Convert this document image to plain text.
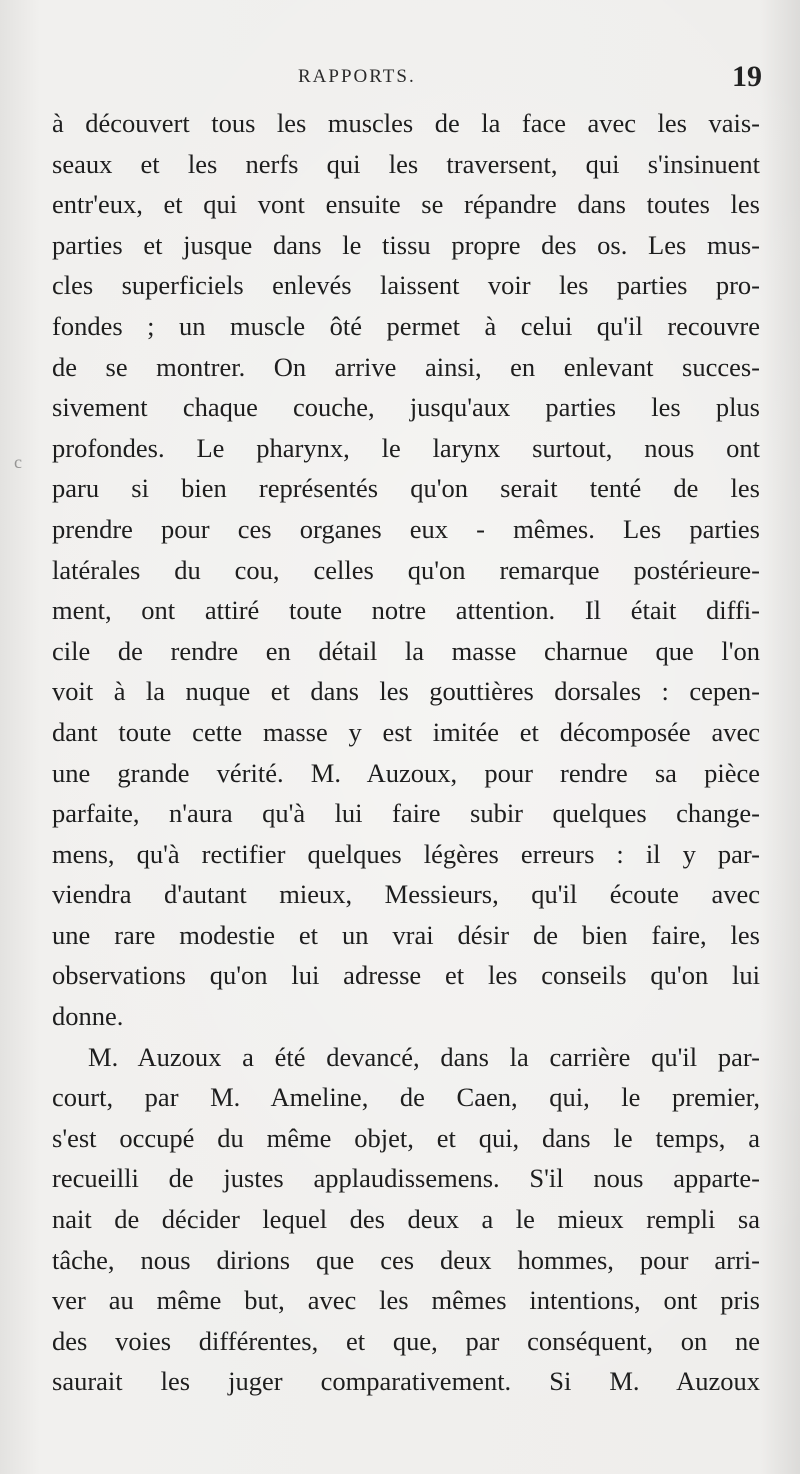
RAPPORTS.	19
c
à découvert tous les muscles de la face avec les vais-
seaux et les nerfs qui les traversent, qui s'insinuent
entr'eux, et qui vont ensuite se répandre dans toutes les
parties et jusque dans le tissu propre des os. Les mus-
cles superficiels enlevés laissent voir les parties pro-
fondes ; un muscle ôté permet à celui qu'il recouvre
de se montrer. On arrive ainsi, en enlevant succes-
sivement chaque couche, jusqu'aux parties les plus
profondes. Le pharynx, le larynx surtout, nous ont
paru si bien représentés qu'on serait tenté de les
prendre pour ces organes eux - mêmes. Les parties
latérales du cou, celles qu'on remarque postérieure-
ment, ont attiré toute notre attention. Il était diffi-
cile de rendre en détail la masse charnue que l'on
voit à la nuque et dans les gouttières dorsales : cepen-
dant toute cette masse y est imitée et décomposée avec
une grande vérité. M. Auzoux, pour rendre sa pièce
parfaite, n'aura qu'à lui faire subir quelques change-
mens, qu'à rectifier quelques légères erreurs : il y par-
viendra d'autant mieux, Messieurs, qu'il écoute avec
une rare modestie et un vrai désir de bien faire, les
observations qu'on lui adresse et les conseils qu'on lui
donne.
M. Auzoux a été devancé, dans la carrière qu'il par-
court, par M. Ameline, de Caen, qui, le premier,
s'est occupé du même objet, et qui, dans le temps, a
recueilli de justes applaudissemens. S'il nous apparte-
nait de décider lequel des deux a le mieux rempli sa
tâche, nous dirions que ces deux hommes, pour arri-
ver au même but, avec les mêmes intentions, ont pris
des voies différentes, et que, par conséquent, on ne
saurait les juger comparativement. Si M. Auzoux
